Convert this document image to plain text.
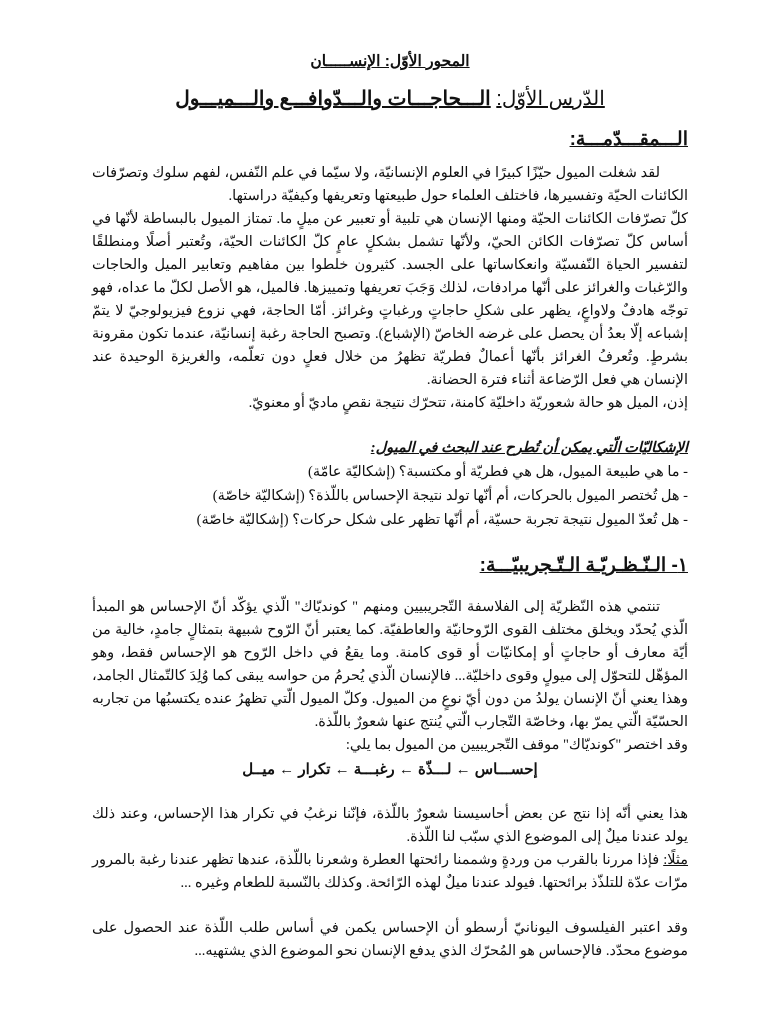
المحور الأوّل: الإنســـــان
الدّرس الأوّل: الـــحاجـــات والـــدّوافـــع والـــميـــول
الـــمقـــدّمـــة:

لقد شغلت الميول حيّزًا كبيرًا في العلوم الإنسانيّة، ولا سيّما في علم النّفس، لفهم سلوك وتصرّفات الكائنات الحيّة وتفسيرها، فاختلف العلماء حول طبيعتها وتعريفها وكيفيّة دراستها.

كلّ تصرّفات الكائنات الحيّة ومنها الإنسان هي تلبية أو تعبير عن ميلٍ ما. تمتاز الميول بالبساطة لأنّها في أساس كلّ تصرّفات الكائن الحيّ، ولأنّها تشمل بشكلٍ عامٍ كلّ الكائنات الحيّة، وتُعتبر أصلًا ومنطلقًا لتفسير الحياة النّفسيّة وانعكاساتها على الجسد. كثيرون خلطوا بين مفاهيم وتعابير الميل والحاجات والرّغبات والغرائز على أنّها مرادفات، لذلك وَجَبَ تعريفها وتمييزها. فالميل، هو الأصل لكلّ ما عداه، فهو توجّه هادفٌ ولاواعٍ، يظهر على شكلِ حاجاتٍ ورغباتٍ وغرائز. أمّا الحاجة، فهي نزوع فيزيولوجيّ لا يتمّ إشباعه إلّا بعدُ أن يحصل على غرضه الخاصّ (الإشباع). وتصبح الحاجة رغبة إنسانيّة، عندما تكون مقرونة بشرطٍ. وتُعرفُ الغرائز بأنّها أعمالٌ فطريّة تظهرُ من خلال فعلٍ دون تعلّمه، والغريزة الوحيدة عند الإنسان هي فعل الرّضاعة أثناء فترة الحضانة.

إذن، الميل هو حالة شعوريّة داخليّة كامنة، تتحرّك نتيجة نقصٍ ماديّ أو معنويّ.

الإشكاليّات الّتي يمكن أن تُطرح عند البحث في الميول:

- ما هي طبيعة الميول، هل هي فطريّة أو مكتسبة؟ (إشكاليّة عامّة)
- هل تُختصر الميول بالحركات، أم أنّها تولد نتيجة الإحساس باللّذة؟ (إشكاليّة خاصّة)
- هل تُعدّ الميول نتيجة تجربة حسيّة، أم أنّها تظهر على شكل حركات؟ (إشكاليّة خاصّة)
١- الـنّـظـريّـة الـتّـجريبيّـــة:

تنتمي هذه النّظريّة إلى الفلاسفة التّجريبيين ومنهم " كونديّاك" الّذي يؤكّد أنّ الإحساس هو المبدأ الّذي يُحدّد ويخلق مختلف القوى الرّوحانيّة والعاطفيّة. كما يعتبر أنّ الرّوح شبيهة بتمثالٍ جامدٍ، خالية من أيّة معارف أو حاجاتٍ أو إمكانيّات أو قوى كامنة. وما يقعُ في داخل الرّوح هو الإحساس فقط، وهو المؤهّل للتحوّل إلى ميولٍ وقوى داخليّة... فالإنسان الّذي يُحرمُ من حواسه يبقى كما وُلِدَ كالتّمثال الجامد، وهذا يعني أنّ الإنسان يولدُ من دون أيّ نوعٍ من الميول. وكلّ الميول الّتي تظهرُ عنده يكتسبُها من تجاربه الحسّيّة الّتي يمرّ بها، وخاصّة التّجارب الّتي يُنتج عنها شعورٌ باللّذة.

وقد اختصر "كونديّاك" موقف التّجريبيين من الميول بما يلي:

إحســـاس ← لـــذّة ← رغبـــة ← تكرار ← ميــل

هذا يعني أنّه إذا نتج عن بعض أحاسيسنا شعورٌ باللّذة، فإنّنا نرغبُ في تكرار هذا الإحساس، وعند ذلك يولد عندنا ميلٌ إلى الموضوع الذي سبّب لنا اللّذة.

مثلًا: فإذا مررنا بالقرب من وردةٍ وشممنا رائحتها العطرة وشعرنا باللّذة، عندها تظهر عندنا رغبة بالمرور مرّات عدّة للتلذّذ برائحتها. فيولد عندنا ميلٌ لهذه الرّائحة. وكذلك بالنّسبة للطعام وغيره ...

وقد اعتبر الفيلسوف اليونانيّ أرسطو أن الإحساس يكمن في أساس طلب اللّذة عند الحصول على موضوع محدّد. فالإحساس هو المُحرّك الذي يدفع الإنسان نحو الموضوع الذي يشتهيه...
